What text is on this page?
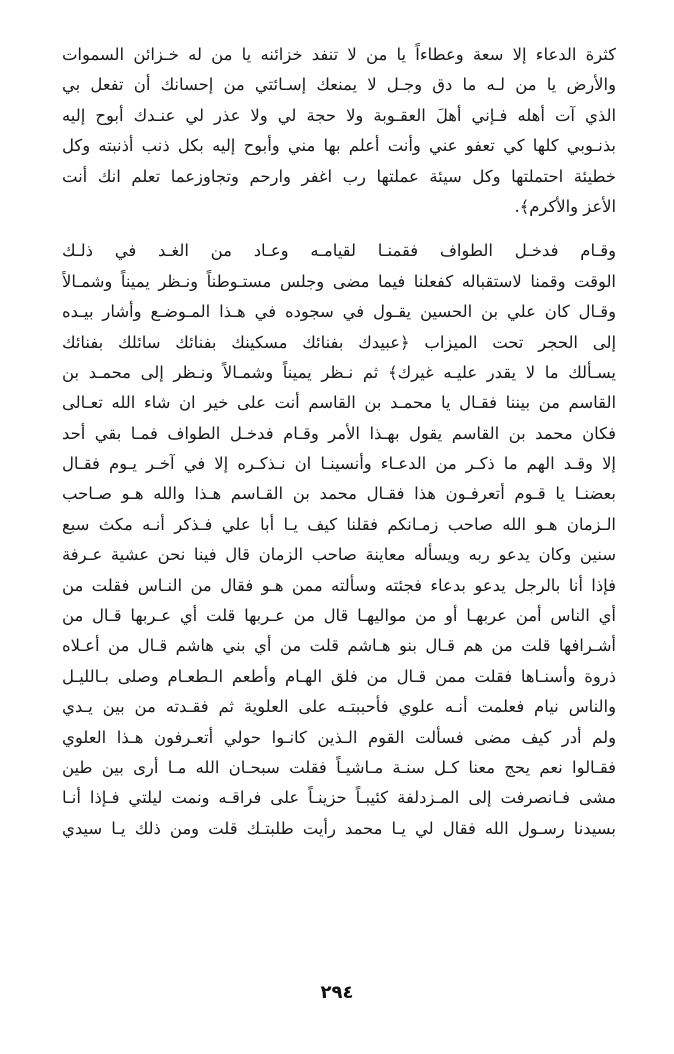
كثرة الدعاء إلا سعة وعطاءاً يا من لا تنفد خزائنه يا من له خـزائن السموات
والأرض يا من لـه ما دق وجـل لا يمنعك إسـائتي من إحسانك أن تفعل بي
الذي آت أهله فـإني أهلَ العقـوبة ولا حجة لي ولا عذر لي عنـدك أبوح إليه
بذنـوبي كلها كي تعفو عني وأنت أعلم بها مني وأبوح إليه بكل ذنب أذنبته وكل
خطيئة احتملتها وكل سيئة عملتها رب اغفر وارحم وتجاوزعما تعلم انك أنت
الأعز والأكرم﴾.
وقـام فدخـل الطواف فقمنـا لقيامـه وعـاد من الغـد في ذلـك
الوقت وقمنا لاستقباله كفعلنا فيما مضى وجلس مستـوطناً ونـظر يميناً وشمـالاً
وقـال كان علي بن الحسين يقـول في سجوده في هـذا المـوضـع وأشار بيـده
إلى الحجر تحت الميزاب ﴿عبيدك بفنائك مسكينك بفنائك سائلك بفنائك
يسـألك ما لا يقدر عليـه غيرك﴾ ثم نـظر يميناً وشمـالاً ونـظر إلى محمـد بن
القاسم من بيننا فقـال يا محمـد بن القاسم أنت على خير ان شاء الله تعـالى
فكان محمد بن القاسم يقول بهـذا الأمر وقـام فدخـل الطواف فمـا بقي أحد
إلا وقـد الهم ما ذكـر من الدعـاء وأنسينـا ان نـذكـره إلا في آخـر يـوم فقـال
بعضنـا يا قـوم أتعرفـون هذا فقـال محمد بن القـاسم هـذا والله هـو صـاحب
الـزمان هـو الله صاحب زمـانكم فقلنا كيف يـا أبا علي فـذكر أنـه مكث سبع
سنين وكان يدعو ربه ويسأله معاينة صاحب الزمان قال فينا نحن عشية عـرفة
فإذا أنا بالرجل يدعو بدعاء فجئته وسألته ممن هـو فقال من النـاس فقلت من
أي الناس أمن عربهـا أو من مواليهـا قال من عـربها قلت أي عـربها قـال من
أشـرافها قلت من هم قـال بنو هـاشم قلت من أي بني هاشم قـال من أعـلاه
ذروة وأسنـاها فقلت ممن قـال من فلق الهـام وأطعم الـطعـام وصلى بـالليـل
والناس نيام فعلمت أنـه علوي فأحببتـه على العلوية ثم فقـدته من بين يـدي
ولم أدر كيف مضى فسألت القوم الـذين كانـوا حولي أتعـرفون هـذا العلوي
فقـالوا نعم يحج معنا كـل سنـة مـاشيـاً فقلت سبحـان الله مـا أرى بين طين
مشى فـانصرفت إلى المـزدلفة كئيبـاً حزينـاً على فراقـه ونمت ليلتي فـإذا أنـا
بسيدنا رسـول الله فقال لي يـا محمد رأيت طلبتـك قلت ومن ذلك يـا سيدي
٢٩٤
